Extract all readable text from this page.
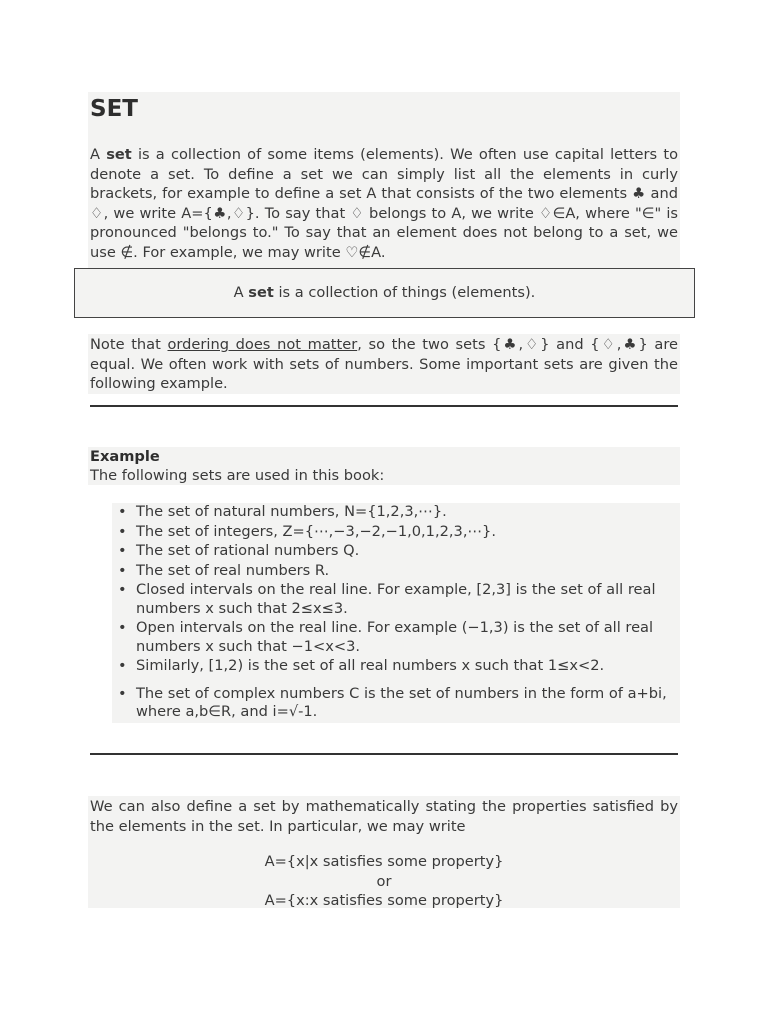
SET

A set is a collection of some items (elements). We often use capital letters to denote a set. To define a set we can simply list all the elements in curly brackets, for example to define a set A that consists of the two elements ♣ and ♢, we write A={♣,♢}. To say that ♢ belongs to A, we write ♢∈A, where "∈" is pronounced "belongs to." To say that an element does not belong to a set, we use ∉. For example, we may write ♡∉A.

A set is a collection of things (elements).

Note that ordering does not matter, so the two sets {♣,♢} and {♢,♣} are equal. We often work with sets of numbers. Some important sets are given the following example.

Example
The following sets are used in this book:
• The set of natural numbers, N={1,2,3,⋯}.
• The set of integers, Z={⋯,−3,−2,−1,0,1,2,3,⋯}.
• The set of rational numbers Q.
• The set of real numbers R.
• Closed intervals on the real line. For example, [2,3] is the set of all real numbers x such that 2≤x≤3.
• Open intervals on the real line. For example (−1,3) is the set of all real numbers x such that −1<x<3.
• Similarly, [1,2) is the set of all real numbers x such that 1≤x<2.
• The set of complex numbers C is the set of numbers in the form of a+bi, where a,b∈R, and i=√-1.

We can also define a set by mathematically stating the properties satisfied by the elements in the set. In particular, we may write

A={x|x satisfies some property}
or
A={x:x satisfies some property}
